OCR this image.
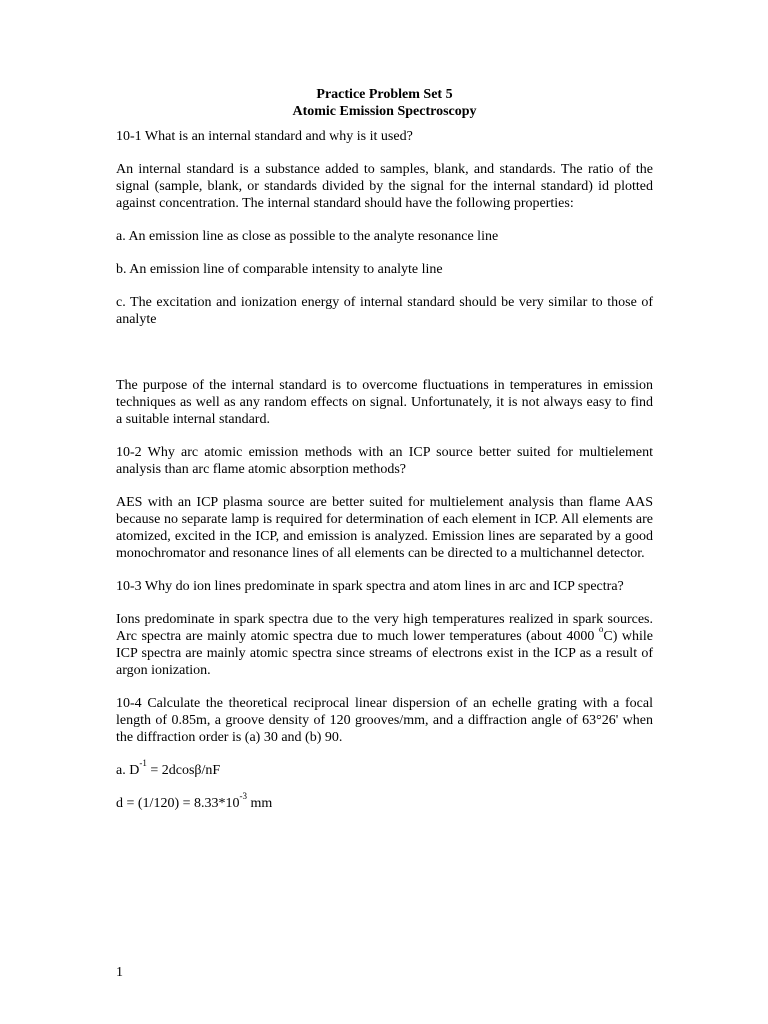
Practice Problem Set 5

Atomic Emission Spectroscopy

10-1 What is an internal standard and why is it used?

An internal standard is a substance added to samples, blank, and standards. The ratio of the signal (sample, blank, or standards divided by the signal for the internal standard) id plotted against concentration. The internal standard should have the following properties:

a. An emission line as close as possible to the analyte resonance line

b. An emission line of comparable intensity to analyte line

c. The excitation and ionization energy of internal standard should be very similar to those of analyte

The purpose of the internal standard is to overcome fluctuations in temperatures in emission techniques as well as any random effects on signal. Unfortunately, it is not always easy to find a suitable internal standard.

10-2 Why arc atomic emission methods with an ICP source better suited for multielement analysis than arc flame atomic absorption methods?

AES with an ICP plasma source are better suited for multielement analysis than flame AAS because no separate lamp is required for determination of each element in ICP. All elements are atomized, excited in the ICP, and emission is analyzed. Emission lines are separated by a good monochromator and resonance lines of all elements can be directed to a multichannel detector.

10-3 Why do ion lines predominate in spark spectra and atom lines in arc and ICP spectra?

Ions predominate in spark spectra due to the very high temperatures realized in spark sources. Arc spectra are mainly atomic spectra due to much lower temperatures (about 4000 $^o$C) while ICP spectra are mainly atomic spectra since streams of electrons exist in the ICP as a result of argon ionization.

10-4 Calculate the theoretical reciprocal linear dispersion of an echelle grating with a focal length of 0.85m, a groove density of 120 grooves/mm, and a diffraction angle of 63°26' when the diffraction order is (a) 30 and (b) 90.

a. $D^{-1} = 2dcos\beta/nF$

$d = (1/120) = 8.33*10^{-3}$ mm

1
